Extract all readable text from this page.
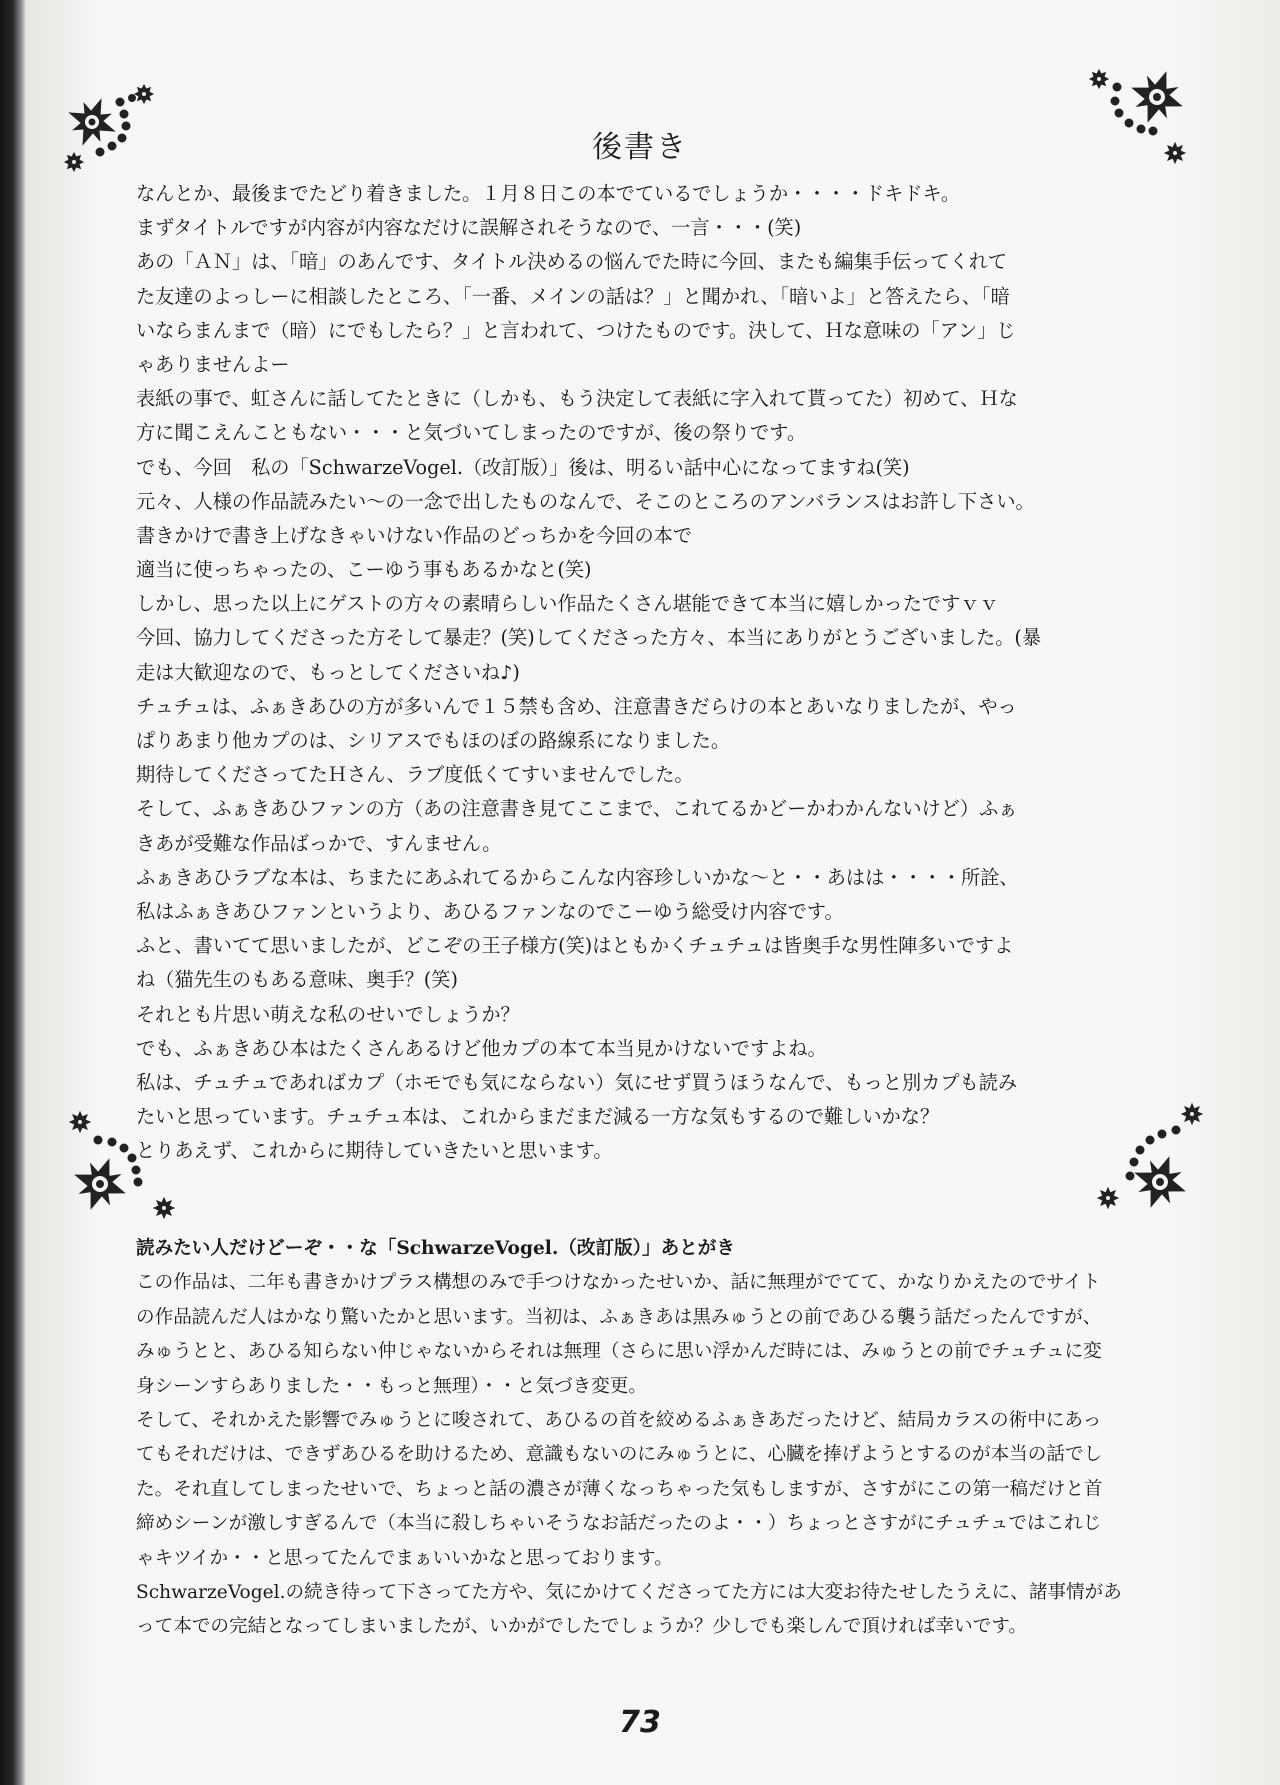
後書き
なんとか、最後までたどり着きました。１月８日この本でているでしょうか・・・・ドキドキ。
まずタイトルですが内容が内容なだけに誤解されそうなので、一言・・・(笑)
あの「ＡＮ」は、「暗」のあんです、タイトル決めるの悩んでた時に今回、またも編集手伝ってくれて
た友達のよっしーに相談したところ、「一番、メインの話は？」と聞かれ、「暗いよ」と答えたら、「暗
いならまんまで（暗）にでもしたら？」と言われて、つけたものです。決して、Ｈな意味の「アン」じ
ゃありませんよー
表紙の事で、虹さんに話してたときに（しかも、もう決定して表紙に字入れて貰ってた）初めて、Ｈな
方に聞こえんこともない・・・と気づいてしまったのですが、後の祭りです。
でも、今回　私の「SchwarzeVogel.（改訂版）」後は、明るい話中心になってますね(笑)
元々、人様の作品読みたい～の一念で出したものなんで、そこのところのアンバランスはお許し下さい。
書きかけで書き上げなきゃいけない作品のどっちかを今回の本で
適当に使っちゃったの、こーゆう事もあるかなと(笑)
しかし、思った以上にゲストの方々の素晴らしい作品たくさん堪能できて本当に嬉しかったですｖｖ
今回、協力してくださった方そして暴走？(笑)してくださった方々、本当にありがとうございました。(暴
走は大歓迎なので、もっとしてくださいね♪)
チュチュは、ふぁきあひの方が多いんで１５禁も含め、注意書きだらけの本とあいなりましたが、やっ
ぱりあまり他カプのは、シリアスでもほのぼの路線系になりました。
期待してくださってたＨさん、ラブ度低くてすいませんでした。
そして、ふぁきあひファンの方（あの注意書き見てここまで、これてるかどーかわかんないけど）ふぁ
きあが受難な作品ばっかで、すんません。
ふぁきあひラブな本は、ちまたにあふれてるからこんな内容珍しいかな～と・・あはは・・・・所詮、
私はふぁきあひファンというより、あひるファンなのでこーゆう総受け内容です。
ふと、書いてて思いましたが、どこぞの王子様方(笑)はともかくチュチュは皆奥手な男性陣多いですよ
ね（猫先生のもある意味、奥手？(笑)
それとも片思い萌えな私のせいでしょうか？
でも、ふぁきあひ本はたくさんあるけど他カプの本て本当見かけないですよね。
私は、チュチュであればカプ（ホモでも気にならない）気にせず買うほうなんで、もっと別カプも読み
たいと思っています。チュチュ本は、これからまだまだ減る一方な気もするので難しいかな？
とりあえず、これからに期待していきたいと思います。
読みたい人だけどーぞ・・な「SchwarzeVogel.（改訂版）」あとがき
この作品は、二年も書きかけプラス構想のみで手つけなかったせいか、話に無理がでてて、かなりかえたのでサイト
の作品読んだ人はかなり驚いたかと思います。当初は、ふぁきあは黒みゅうとの前であひる襲う話だったんですが、
みゅうとと、あひる知らない仲じゃないからそれは無理（さらに思い浮かんだ時には、みゅうとの前でチュチュに変
身シーンすらありました・・もっと無理）・・と気づき変更。
そして、それかえた影響でみゅうとに唆されて、あひるの首を絞めるふぁきあだったけど、結局カラスの術中にあっ
てもそれだけは、できずあひるを助けるため、意識もないのにみゅうとに、心臓を捧げようとするのが本当の話でし
た。それ直してしまったせいで、ちょっと話の濃さが薄くなっちゃった気もしますが、さすがにこの第一稿だけと首
締めシーンが激しすぎるんで（本当に殺しちゃいそうなお話だったのよ・・）ちょっとさすがにチュチュではこれじ
ゃキツイか・・と思ってたんでまぁいいかなと思っております。
SchwarzeVogel.の続き待って下さってた方や、気にかけてくださってた方には大変お待たせしたうえに、諸事情があ
って本での完結となってしまいましたが、いかがでしたでしょうか？少しでも楽しんで頂ければ幸いです。
73
